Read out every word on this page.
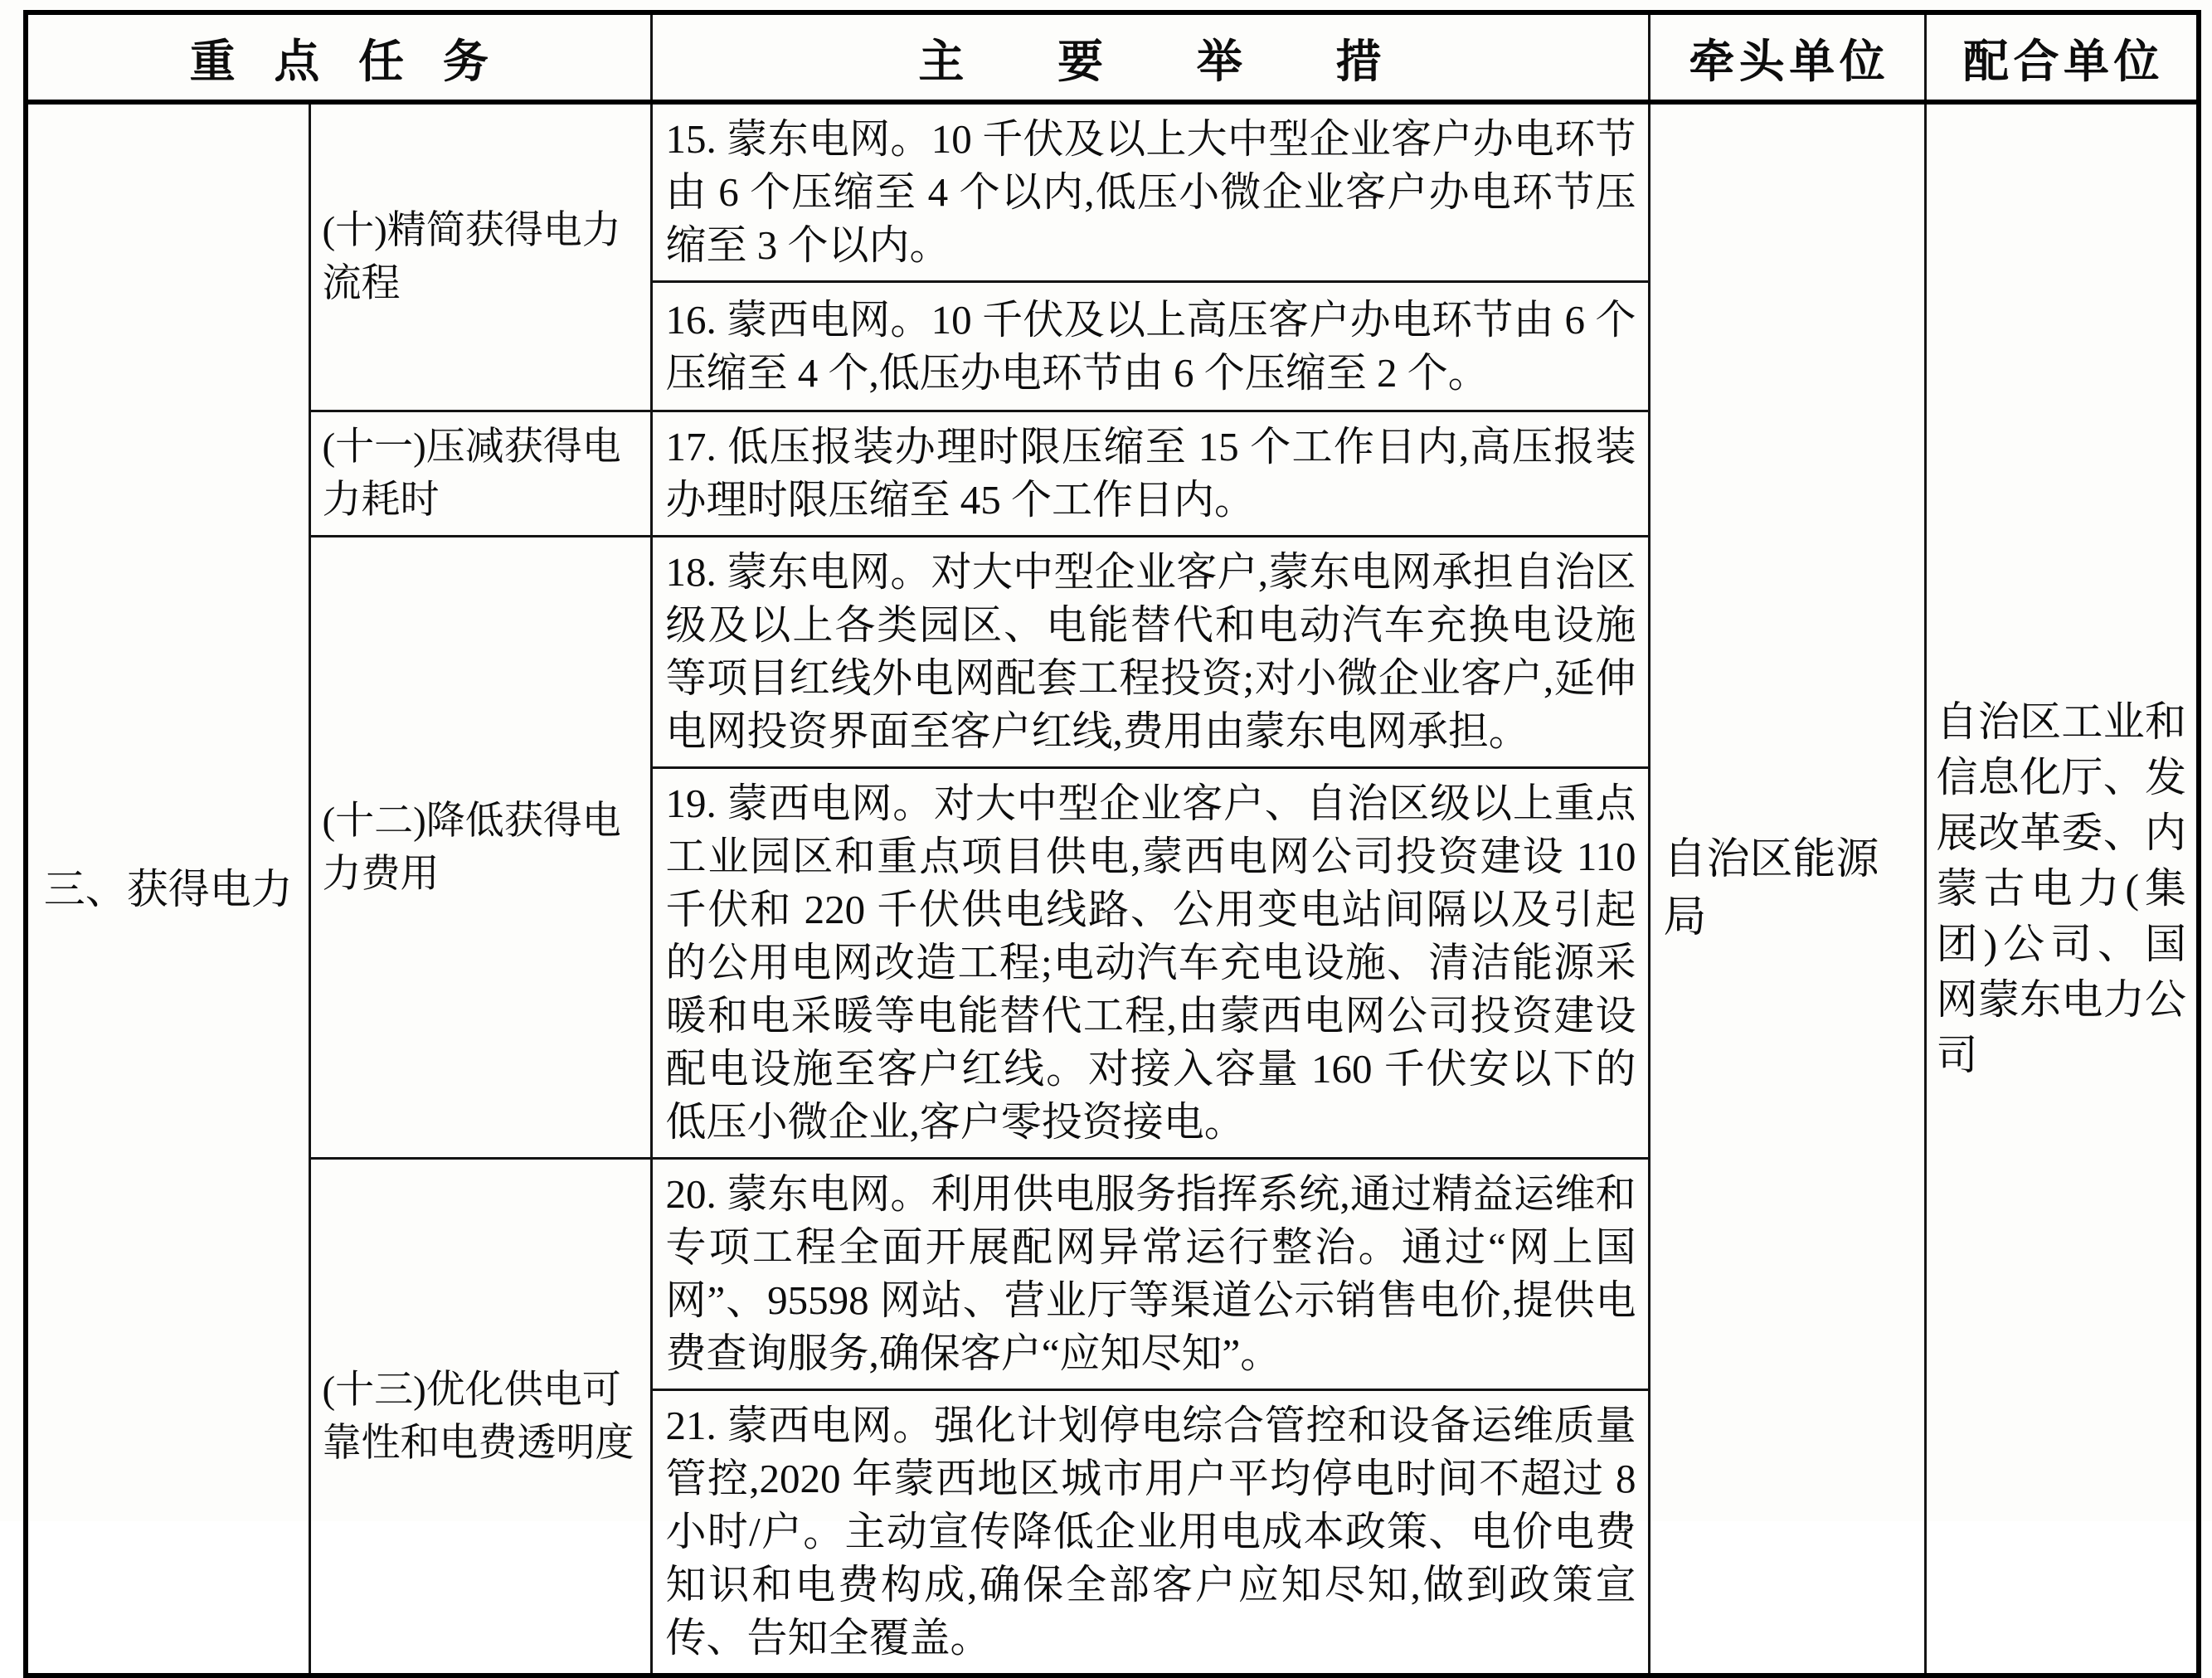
重点任务		主要举措	牵头单位	配合单位
三、获得电力	(十)精简获得电力流程	15. 蒙东电网。10 千伏及以上大中型企业客户办电环节由 6 个压缩至 4 个以内,低压小微企业客户办电环节压缩至 3 个以内。	自治区能源局	自治区工业和信息化厅、发展改革委、内蒙古电力(集团)公司、国网蒙东电力公司
		16. 蒙西电网。10 千伏及以上高压客户办电环节由 6 个压缩至 4 个,低压办电环节由 6 个压缩至 2 个。		
	(十一)压减获得电力耗时	17. 低压报装办理时限压缩至 15 个工作日内,高压报装办理时限压缩至 45 个工作日内。		
	(十二)降低获得电力费用	18. 蒙东电网。对大中型企业客户,蒙东电网承担自治区级及以上各类园区、电能替代和电动汽车充换电设施等项目红线外电网配套工程投资;对小微企业客户,延伸电网投资界面至客户红线,费用由蒙东电网承担。		
		19. 蒙西电网。对大中型企业客户、自治区级以上重点工业园区和重点项目供电,蒙西电网公司投资建设 110 千伏和 220 千伏供电线路、公用变电站间隔以及引起的公用电网改造工程;电动汽车充电设施、清洁能源采暖和电采暖等电能替代工程,由蒙西电网公司投资建设配电设施至客户红线。对接入容量 160 千伏安以下的低压小微企业,客户零投资接电。		
	(十三)优化供电可靠性和电费透明度	20. 蒙东电网。利用供电服务指挥系统,通过精益运维和专项工程全面开展配网异常运行整治。通过“网上国网”、95598 网站、营业厅等渠道公示销售电价,提供电费查询服务,确保客户“应知尽知”。		
		21. 蒙西电网。强化计划停电综合管控和设备运维质量管控,2020 年蒙西地区城市用户平均停电时间不超过 8 小时/户。主动宣传降低企业用电成本政策、电价电费知识和电费构成,确保全部客户应知尽知,做到政策宣传、告知全覆盖。		
